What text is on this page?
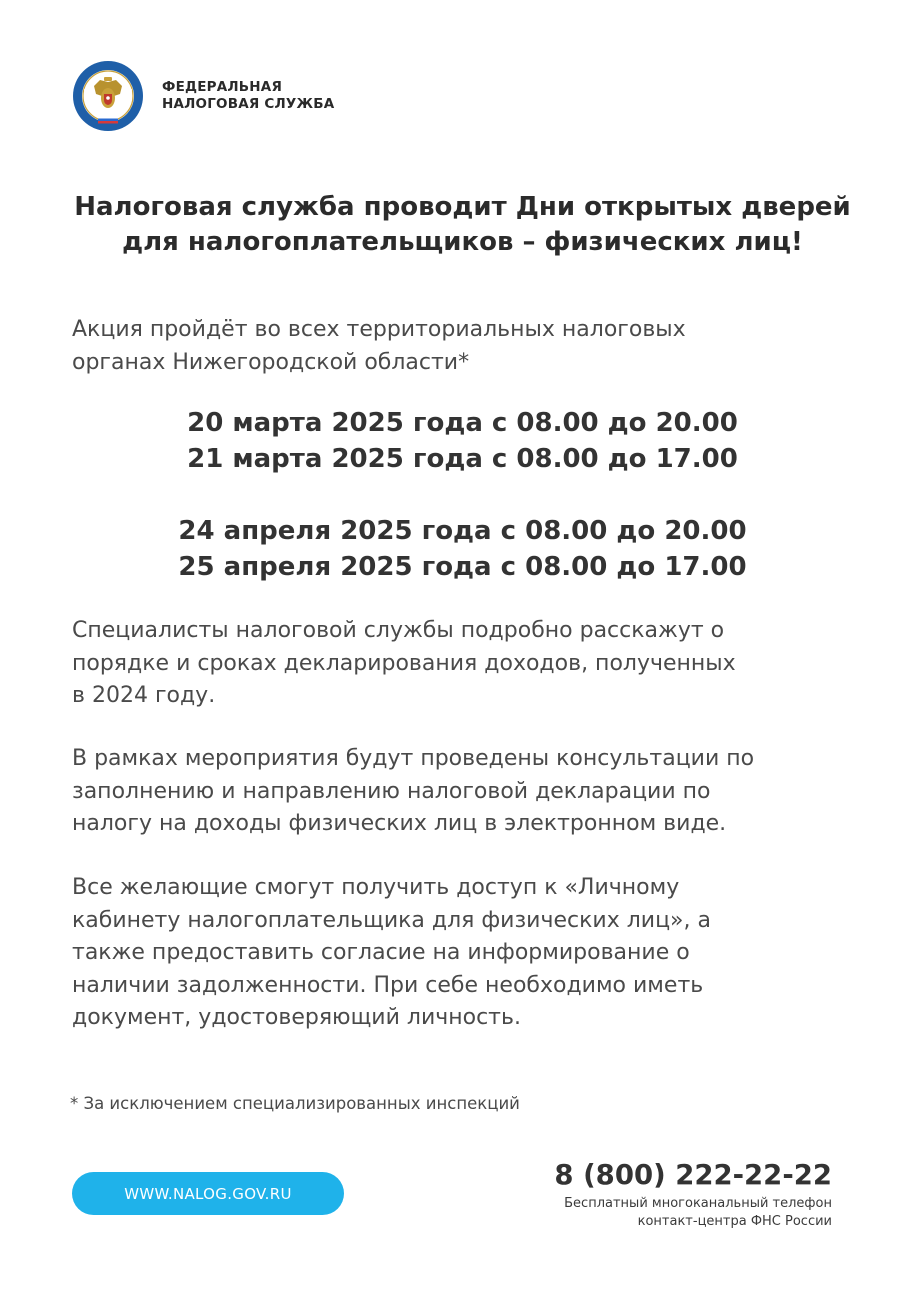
ФЕДЕРАЛЬНАЯ
НАЛОГОВАЯ СЛУЖБА
Налоговая служба проводит Дни открытых дверей
для налогоплательщиков – физических лиц!
Акция пройдёт во всех территориальных налоговых
органах Нижегородской области*
20 марта 2025 года с 08.00 до 20.00
21 марта 2025 года с 08.00 до 17.00
24 апреля 2025 года с 08.00 до 20.00
25 апреля 2025 года с 08.00 до 17.00
Специалисты налоговой службы подробно расскажут о
порядке и сроках декларирования доходов, полученных
в 2024 году.
В рамках мероприятия будут проведены консультации по
заполнению и направлению налоговой декларации по
налогу на доходы физических лиц в электронном виде.
Все желающие смогут получить доступ к «Личному
кабинету налогоплательщика для физических лиц», а
также предоставить согласие на информирование о
наличии задолженности. При себе необходимо иметь
документ, удостоверяющий личность.
* За исключением специализированных инспекций
WWW.NALOG.GOV.RU
8 (800) 222-22-22
Бесплатный многоканальный телефон
контакт-центра ФНС России
